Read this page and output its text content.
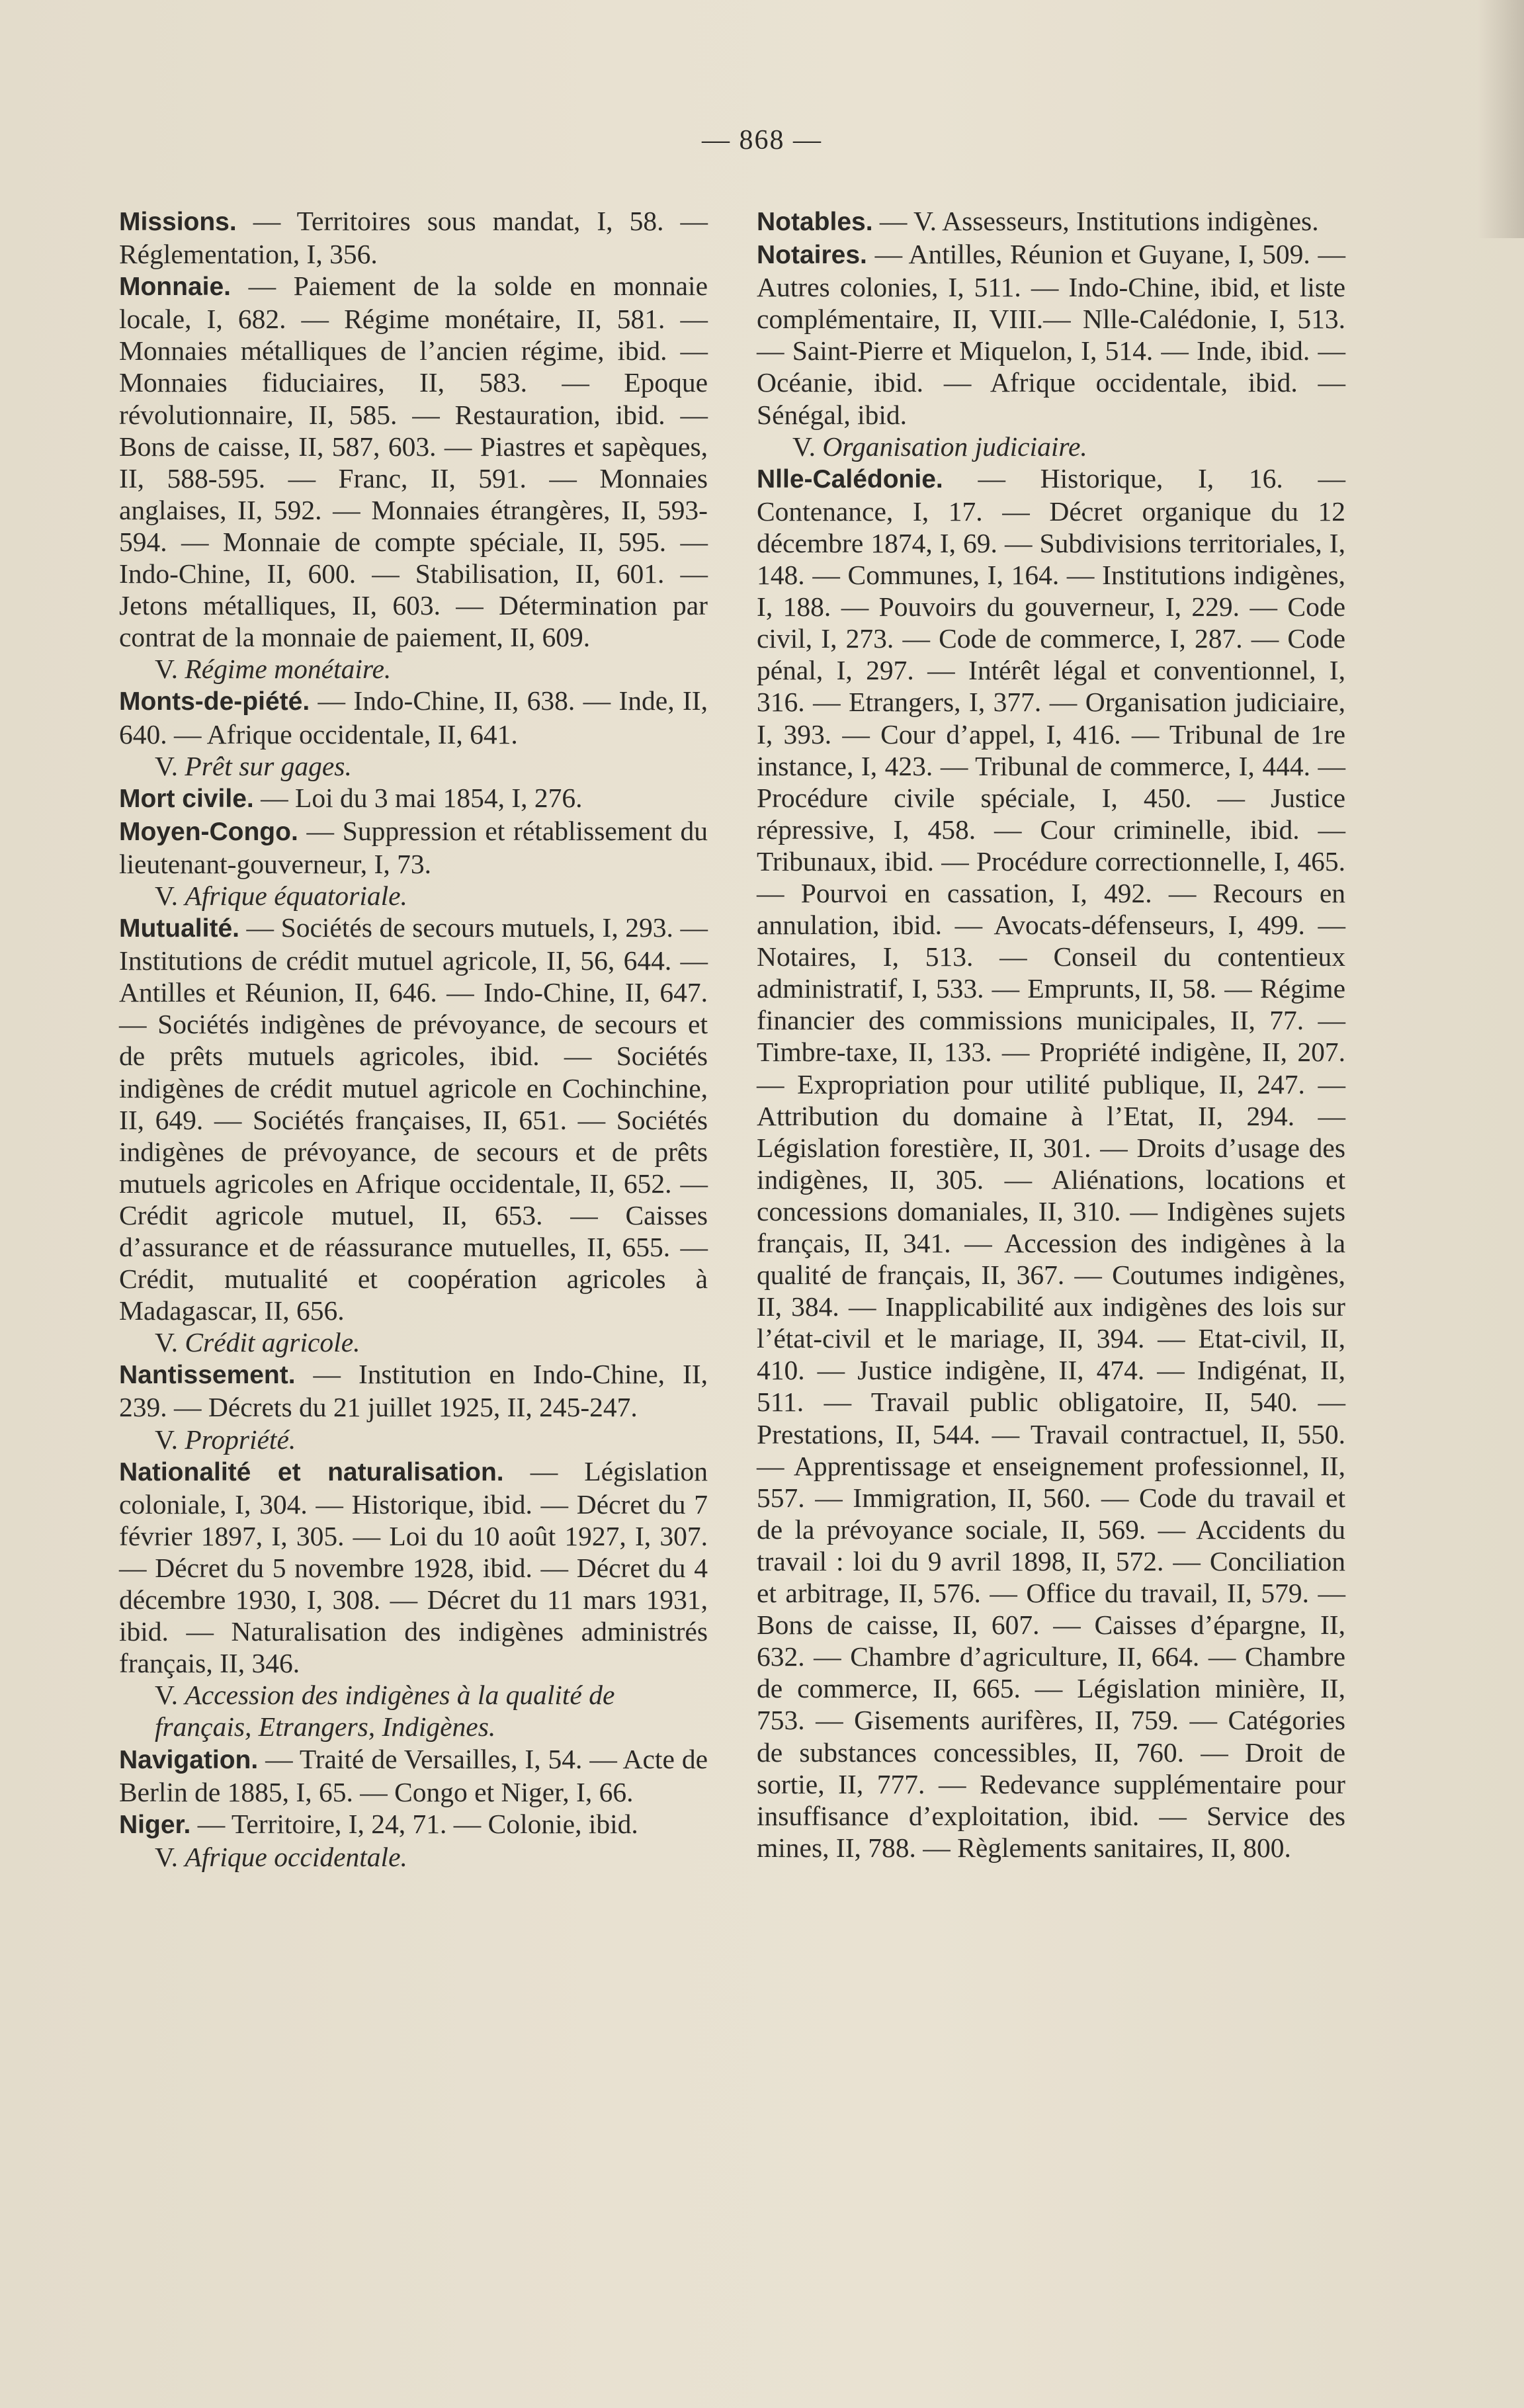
— 868 —

Missions. — Territoires sous mandat, I, 58. — Réglementation, I, 356.

Monnaie. — Paiement de la solde en monnaie locale, I, 682. — Régime monétaire, II, 581. — Monnaies métalliques de l’ancien régime, ibid. — Monnaies fiduciaires, II, 583. — Epoque révolutionnaire, II, 585. — Restauration, ibid. — Bons de caisse, II, 587, 603. — Piastres et sapèques, II, 588-595. — Franc, II, 591. — Monnaies anglaises, II, 592. — Monnaies étrangères, II, 593-594. — Monnaie de compte spéciale, II, 595. — Indo-Chine, II, 600. — Stabilisation, II, 601. — Jetons métalliques, II, 603. — Détermination par contrat de la monnaie de paiement, II, 609.

V. Régime monétaire.

Monts-de-piété. — Indo-Chine, II, 638. — Inde, II, 640. — Afrique occidentale, II, 641.

V. Prêt sur gages.

Mort civile. — Loi du 3 mai 1854, I, 276.

Moyen-Congo. — Suppression et rétablissement du lieutenant-gouverneur, I, 73.

V. Afrique équatoriale.

Mutualité. — Sociétés de secours mutuels, I, 293. — Institutions de crédit mutuel agricole, II, 56, 644. — Antilles et Réunion, II, 646. — Indo-Chine, II, 647. — Sociétés indigènes de prévoyance, de secours et de prêts mutuels agricoles, ibid. — Sociétés indigènes de crédit mutuel agricole en Cochinchine, II, 649. — Sociétés françaises, II, 651. — Sociétés indigènes de prévoyance, de secours et de prêts mutuels agricoles en Afrique occidentale, II, 652. — Crédit agricole mutuel, II, 653. — Caisses d’assurance et de réassurance mutuelles, II, 655. — Crédit, mutualité et coopération agricoles à Madagascar, II, 656.

V. Crédit agricole.

Nantissement. — Institution en Indo-Chine, II, 239. — Décrets du 21 juillet 1925, II, 245-247.

V. Propriété.

Nationalité et naturalisation. — Législation coloniale, I, 304. — Historique, ibid. — Décret du 7 février 1897, I, 305. — Loi du 10 août 1927, I, 307. — Décret du 5 novembre 1928, ibid. — Décret du 4 décembre 1930, I, 308. — Décret du 11 mars 1931, ibid. — Naturalisation des indigènes administrés français, II, 346.

V. Accession des indigènes à la qualité de français, Etrangers, Indigènes.

Navigation. — Traité de Versailles, I, 54. — Acte de Berlin de 1885, I, 65. — Congo et Niger, I, 66.

Niger. — Territoire, I, 24, 71. — Colonie, ibid.

V. Afrique occidentale.

Notables. — V. Assesseurs, Institutions indigènes.

Notaires. — Antilles, Réunion et Guyane, I, 509. — Autres colonies, I, 511. — Indo-Chine, ibid, et liste complémentaire, II, VIII.— Nlle-Calédonie, I, 513.— Saint-Pierre et Miquelon, I, 514. — Inde, ibid. — Océanie, ibid. — Afrique occidentale, ibid. — Sénégal, ibid.

V. Organisation judiciaire.

Nlle-Calédonie. — Historique, I, 16. — Contenance, I, 17. — Décret organique du 12 décembre 1874, I, 69. — Subdivisions territoriales, I, 148. — Communes, I, 164. — Institutions indigènes, I, 188. — Pouvoirs du gouverneur, I, 229. — Code civil, I, 273. — Code de commerce, I, 287. — Code pénal, I, 297. — Intérêt légal et conventionnel, I, 316. — Etrangers, I, 377. — Organisation judiciaire, I, 393. — Cour d’appel, I, 416. — Tribunal de 1re instance, I, 423. — Tribunal de commerce, I, 444. — Procédure civile spéciale, I, 450. — Justice répressive, I, 458. — Cour criminelle, ibid. — Tribunaux, ibid. — Procédure correctionnelle, I, 465. — Pourvoi en cassation, I, 492. — Recours en annulation, ibid. — Avocats-défenseurs, I, 499. — Notaires, I, 513. — Conseil du contentieux administratif, I, 533. — Emprunts, II, 58. — Régime financier des commissions municipales, II, 77. — Timbre-taxe, II, 133. — Propriété indigène, II, 207. — Expropriation pour utilité publique, II, 247. — Attribution du domaine à l’Etat, II, 294. — Législation forestière, II, 301. — Droits d’usage des indigènes, II, 305. — Aliénations, locations et concessions domaniales, II, 310. — Indigènes sujets français, II, 341. — Accession des indigènes à la qualité de français, II, 367. — Coutumes indigènes, II, 384. — Inapplicabilité aux indigènes des lois sur l’état-civil et le mariage, II, 394. — Etat-civil, II, 410. — Justice indigène, II, 474. — Indigénat, II, 511. — Travail public obligatoire, II, 540. — Prestations, II, 544. — Travail contractuel, II, 550. — Apprentissage et enseignement professionnel, II, 557. — Immigration, II, 560. — Code du travail et de la prévoyance sociale, II, 569. — Accidents du travail : loi du 9 avril 1898, II, 572. — Conciliation et arbitrage, II, 576. — Office du travail, II, 579. — Bons de caisse, II, 607. — Caisses d’épargne, II, 632. — Chambre d’agriculture, II, 664. — Chambre de commerce, II, 665. — Législation minière, II, 753. — Gisements aurifères, II, 759. — Catégories de substances concessibles, II, 760. — Droit de sortie, II, 777. — Redevance supplémentaire pour insuffisance d’exploitation, ibid. — Service des mines, II, 788. — Règlements sanitaires, II, 800.
